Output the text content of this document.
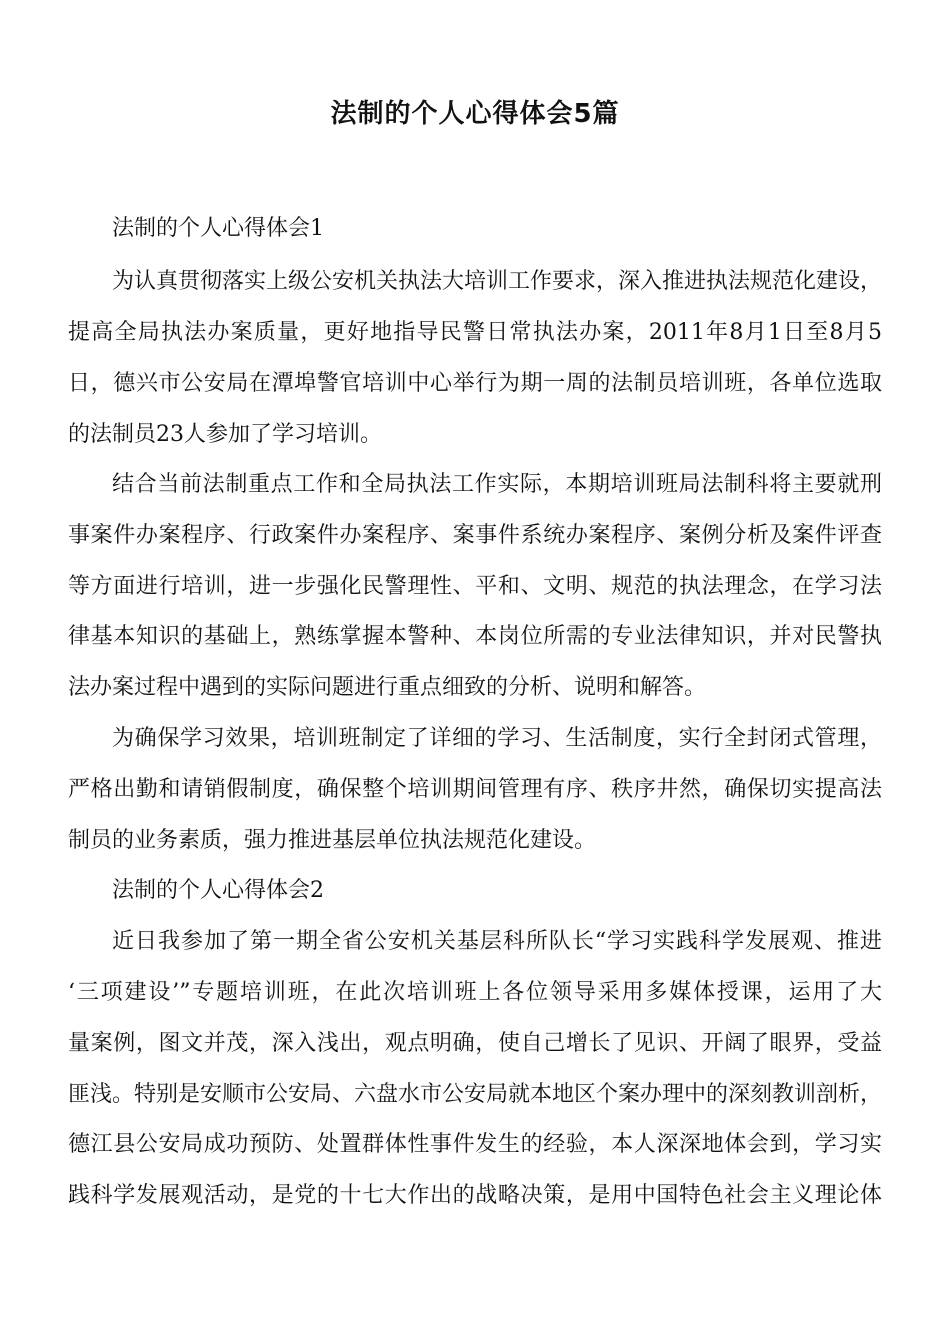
法制的个人心得体会5篇
法制的个人心得体会1
为认真贯彻落实上级公安机关执法大培训工作要求，深入推进执法规范化建设，
提高全局执法办案质量，更好地指导民警日常执法办案，2011年8月1日至8月5
日，德兴市公安局在潭埠警官培训中心举行为期一周的法制员培训班，各单位选取
的法制员23人参加了学习培训。
结合当前法制重点工作和全局执法工作实际，本期培训班局法制科将主要就刑
事案件办案程序、行政案件办案程序、案事件系统办案程序、案例分析及案件评查
等方面进行培训，进一步强化民警理性、平和、文明、规范的执法理念，在学习法
律基本知识的基础上，熟练掌握本警种、本岗位所需的专业法律知识，并对民警执
法办案过程中遇到的实际问题进行重点细致的分析、说明和解答。
为确保学习效果，培训班制定了详细的学习、生活制度，实行全封闭式管理，
严格出勤和请销假制度，确保整个培训期间管理有序、秩序井然，确保切实提高法
制员的业务素质，强力推进基层单位执法规范化建设。
法制的个人心得体会2
近日我参加了第一期全省公安机关基层科所队长“学习实践科学发展观、推进
‘三项建设’”专题培训班，在此次培训班上各位领导采用多媒体授课，运用了大
量案例，图文并茂，深入浅出，观点明确，使自己增长了见识、开阔了眼界，受益
匪浅。特别是安顺市公安局、六盘水市公安局就本地区个案办理中的深刻教训剖析，
德江县公安局成功预防、处置群体性事件发生的经验，本人深深地体会到，学习实
践科学发展观活动，是党的十七大作出的战略决策，是用中国特色社会主义理论体
